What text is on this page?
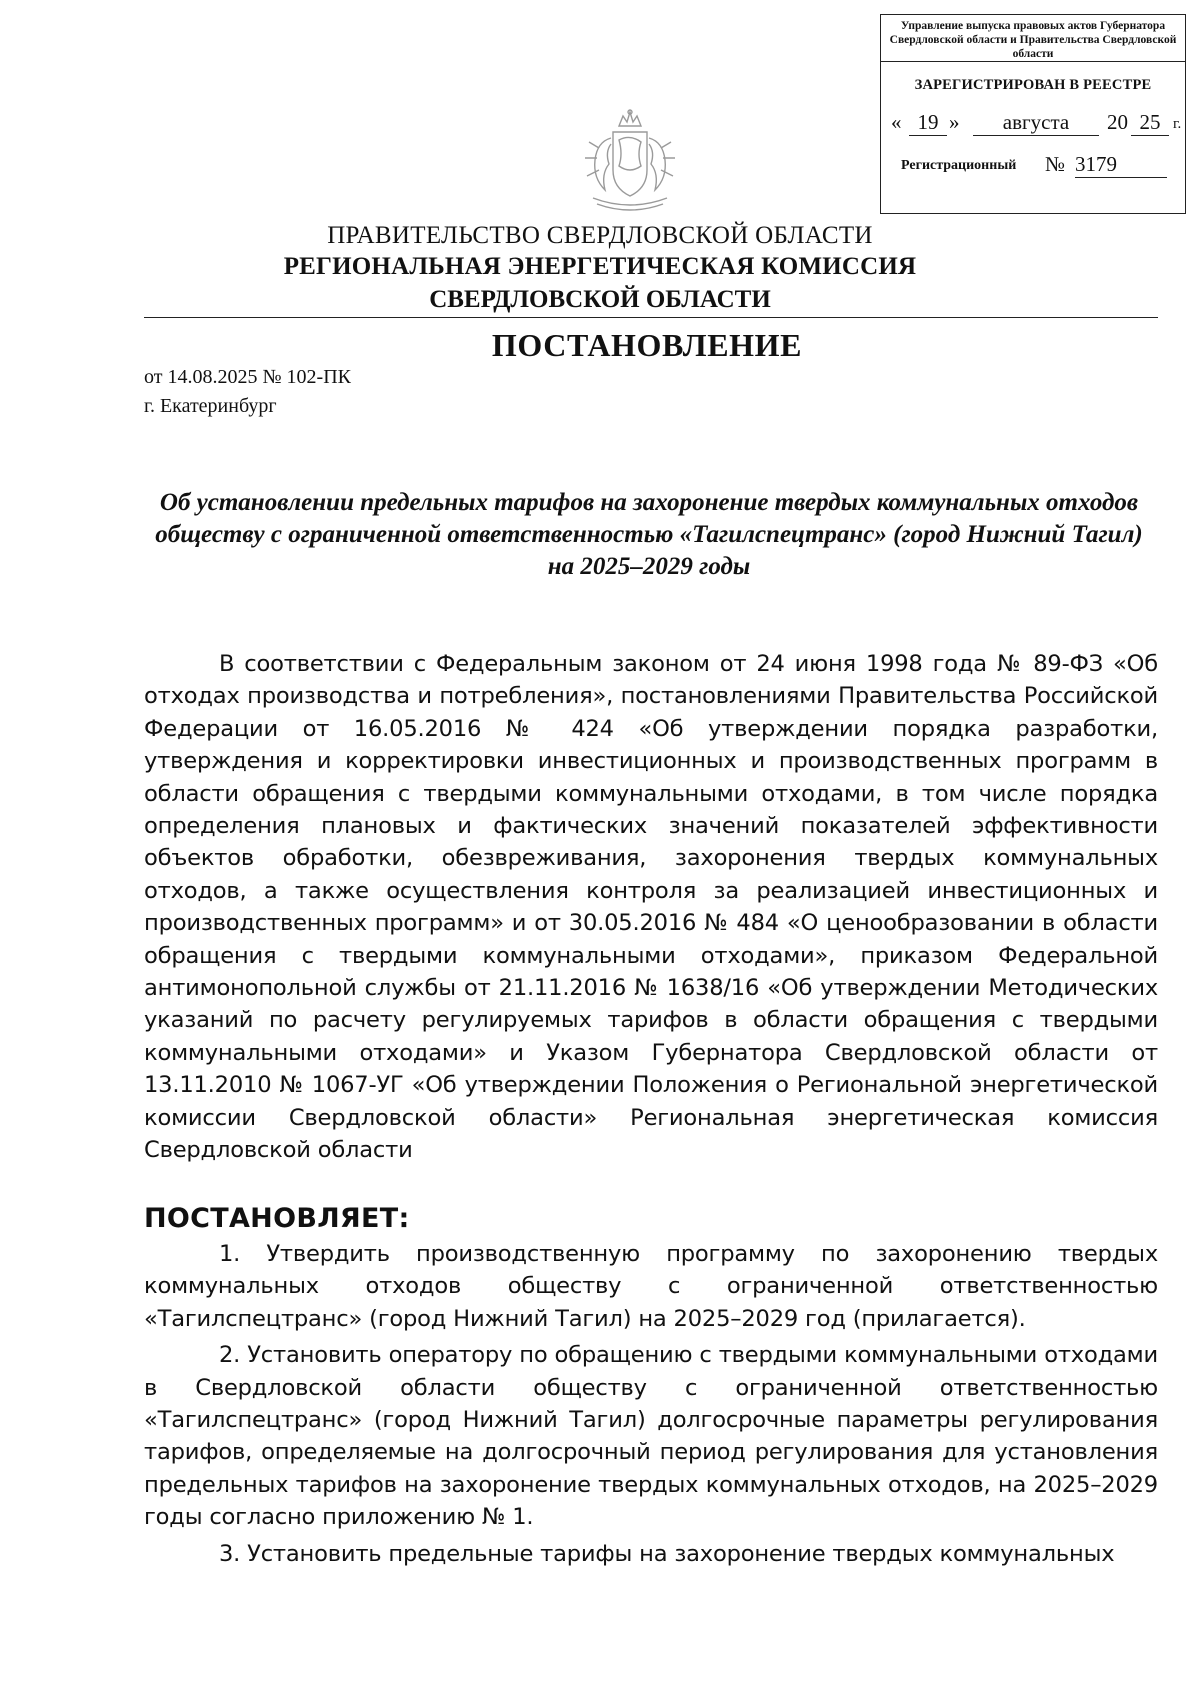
Управление выпуска правовых актов Губернатора Свердловской области и Правительства Свердловской области
ЗАРЕГИСТРИРОВАН В РЕЕСТРЕ
« 19 »	августа	20 25 г.
Регистрационный № 3179
ПРАВИТЕЛЬСТВО СВЕРДЛОВСКОЙ ОБЛАСТИ
РЕГИОНАЛЬНАЯ ЭНЕРГЕТИЧЕСКАЯ КОМИССИЯ
СВЕРДЛОВСКОЙ ОБЛАСТИ
ПОСТАНОВЛЕНИЕ
от 14.08.2025 № 102-ПК
г. Екатеринбург
Об установлении предельных тарифов на захоронение твердых коммунальных отходов обществу с ограниченной ответственностью «Тагилспецтранс» (город Нижний Тагил) на 2025–2029 годы
В соответствии с Федеральным законом от 24 июня 1998 года № 89-ФЗ «Об отходах производства и потребления», постановлениями Правительства Российской Федерации от 16.05.2016 № 424 «Об утверждении порядка разработки, утверждения и корректировки инвестиционных и производственных программ в области обращения с твердыми коммунальными отходами, в том числе порядка определения плановых и фактических значений показателей эффективности объектов обработки, обезвреживания, захоронения твердых коммунальных отходов, а также осуществления контроля за реализацией инвестиционных и производственных программ» и от 30.05.2016 № 484 «О ценообразовании в области обращения с твердыми коммунальными отходами», приказом Федеральной антимонопольной службы от 21.11.2016 № 1638/16 «Об утверждении Методических указаний по расчету регулируемых тарифов в области обращения с твердыми коммунальными отходами» и Указом Губернатора Свердловской области от 13.11.2010 № 1067-УГ «Об утверждении Положения о Региональной энергетической комиссии Свердловской области» Региональная энергетическая комиссия Свердловской области
ПОСТАНОВЛЯЕТ:

1. Утвердить производственную программу по захоронению твердых коммунальных отходов обществу с ограниченной ответственностью «Тагилспецтранс» (город Нижний Тагил) на 2025–2029 год (прилагается).

2. Установить оператору по обращению с твердыми коммунальными отходами в Свердловской области обществу с ограниченной ответственностью «Тагилспецтранс» (город Нижний Тагил) долгосрочные параметры регулирования тарифов, определяемые на долгосрочный период регулирования для установления предельных тарифов на захоронение твердых коммунальных отходов, на 2025–2029 годы согласно приложению № 1.

3. Установить предельные тарифы на захоронение твердых коммунальных
